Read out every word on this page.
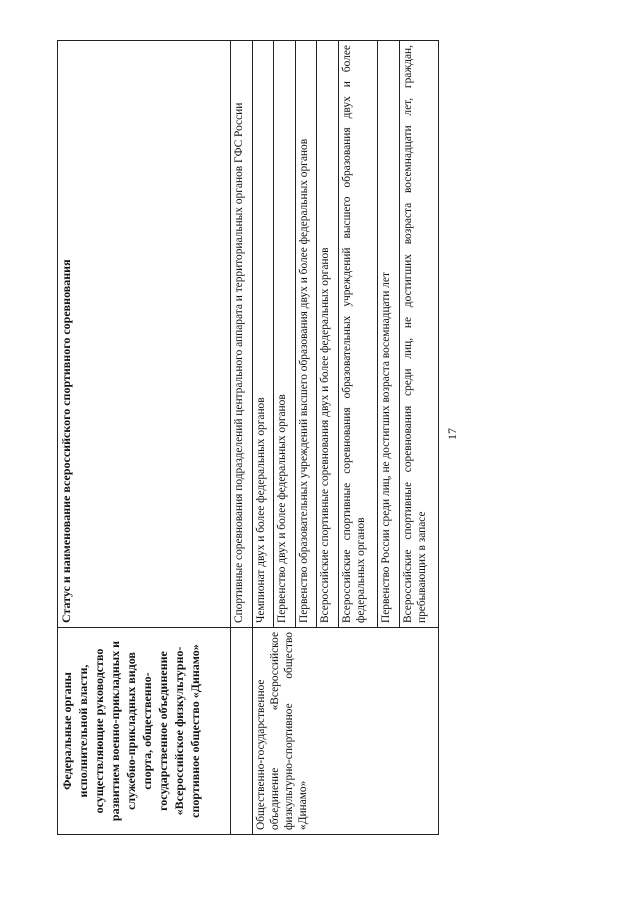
17
Федеральные органы исполнительной власти, осуществляющие руководство развитием военно-прикладных и служебно-прикладных видов спорта, общественно-государственное объединение «Всероссийское физкультурно-спортивное общество «Динамо»	Статус и наименование всероссийского спортивного соревнования
	Спортивные соревнования подразделений центрального аппарата и территориальных органов ГФС России
Общественно-государственное объединение «Всероссийское физкультурно-спортивное общество «Динамо»	Чемпионат двух и более федеральных органов
	Первенство двух и более федеральных органов
	Первенство образовательных учреждений высшего образования двух и более федеральных органов
	Всероссийские спортивные соревнования двух и более федеральных органов
	Всероссийские спортивные соревнования образовательных учреждений высшего образования двух и более федеральных органов
	Первенство России среди лиц, не достигших возраста восемнадцати лет
	Всероссийские спортивные соревнования среди лиц, не достигших возраста восемнадцати лет, граждан, пребывающих в запасе
